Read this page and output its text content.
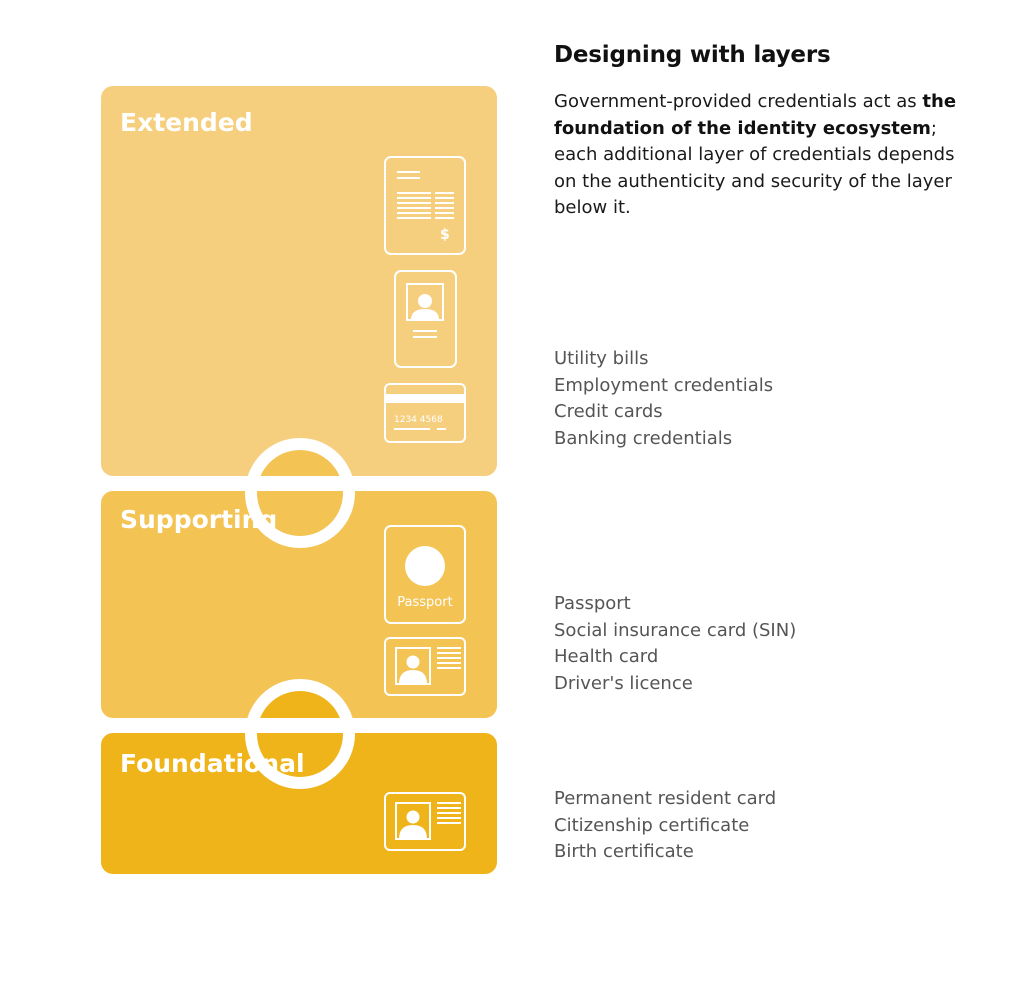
Extended
Supporting
Foundational
$
1234 4568
Passport
Designing with layers

Government-provided credentials act as the foundation of the identity ecosystem; each additional layer of credentials depends on the authenticity and security of the layer below it.

Utility bills
Employment credentials
Credit cards
Banking credentials
Passport
Social insurance card (SIN)
Health card
Driver's licence
Permanent resident card
Citizenship certificate
Birth certificate
